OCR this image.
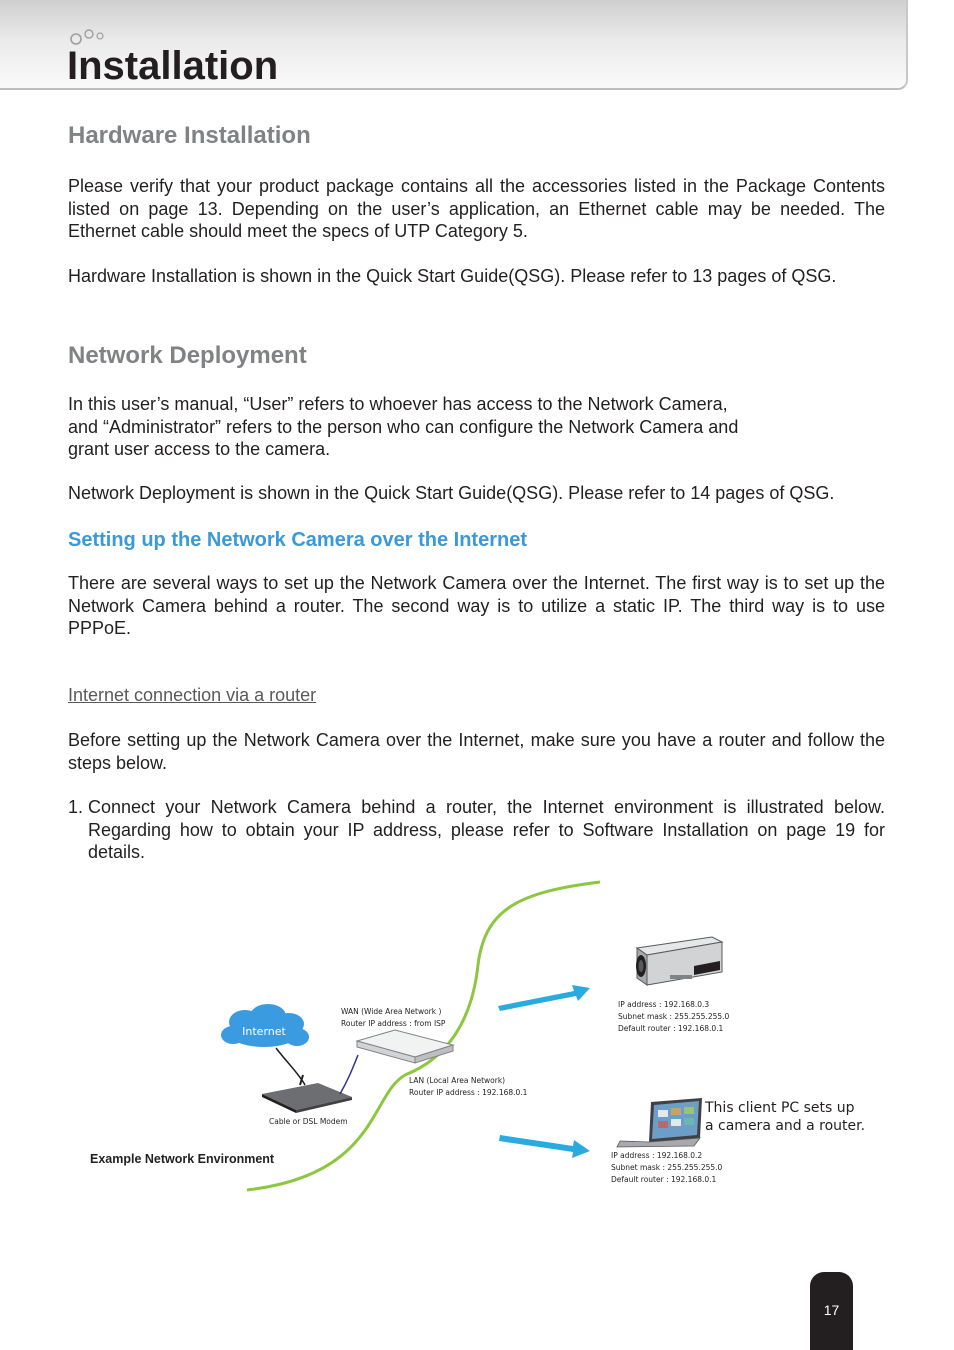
Installation
Hardware Installation

Please verify that your product package contains all the accessories listed in the Package Contents listed on page 13. Depending on the user’s application, an Ethernet cable may be needed. The Ethernet cable should meet the specs of UTP Category 5.

Hardware Installation is shown in the Quick Start Guide(QSG). Please refer to 13 pages of QSG.

Network Deployment

In this user’s manual, “User” refers to whoever has access to the Network Camera,
and “Administrator” refers to the person who can configure the Network Camera and
grant user access to the camera.

Network Deployment is shown in the Quick Start Guide(QSG). Please refer to 14 pages of QSG.

Setting up the Network Camera over the Internet

There are several ways to set up the Network Camera over the Internet. The first way is to set up the Network Camera behind a router. The second way is to utilize a static IP. The third way is to use PPPoE.

Internet connection via a router

Before setting up the Network Camera over the Internet, make sure you have a router and follow the steps below.

1. Connect your Network Camera behind a router, the Internet environment is illustrated below. Regarding how to obtain your IP address, please refer to Software Installation on page 19 for details.
Internet
Cable or DSL Modem
WAN (Wide Area Network )
Router IP address : from ISP
LAN (Local Area Network)
Router IP address : 192.168.0.1
IP address : 192.168.0.3
Subnet mask : 255.255.255.0
Default router : 192.168.0.1
IP address : 192.168.0.2
Subnet mask : 255.255.255.0
Default router : 192.168.0.1
This client PC sets up
a camera and a router.
Example Network Environment
17
